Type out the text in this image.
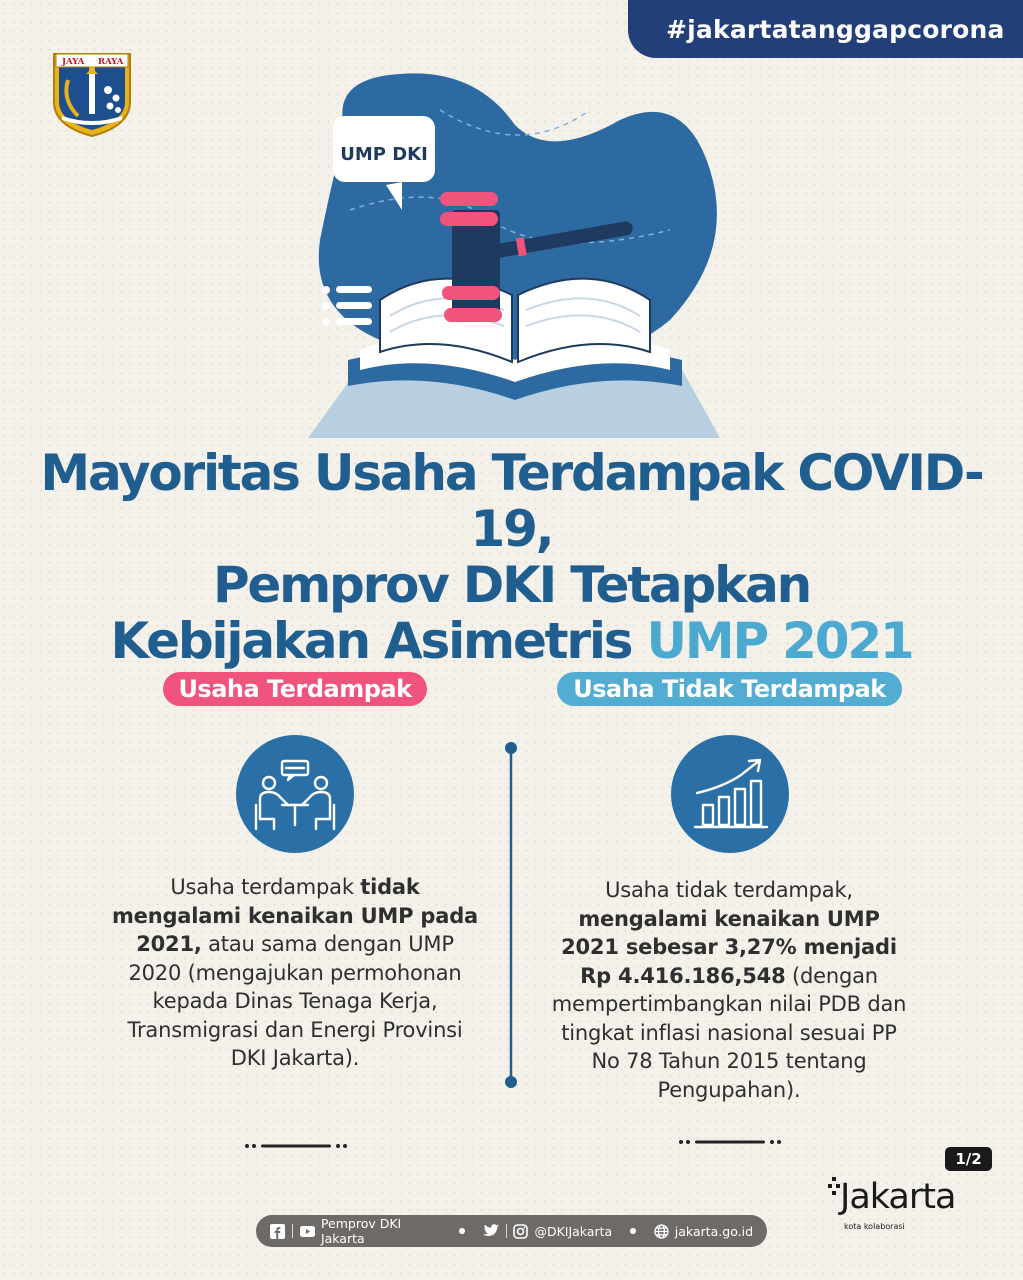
#jakartatanggapcorona
JAYA RAYA
UMP DKI
Mayoritas Usaha Terdampak COVID-19,
Pemprov DKI Tetapkan
Kebijakan Asimetris UMP 2021
Usaha Terdampak	Usaha Tidak Terdampak
Usaha terdampak tidak mengalami kenaikan UMP pada 2021, atau sama dengan UMP 2020 (mengajukan permohonan kepada Dinas Tenaga Kerja, Transmigrasi dan Energi Provinsi DKI Jakarta).
Usaha tidak terdampak, mengalami kenaikan UMP 2021 sebesar 3,27% menjadi Rp 4.416.186,548 (dengan mempertimbangkan nilai PDB dan tingkat inflasi nasional sesuai PP No 78 Tahun 2015 tentang Pengupahan).
1/2
Jakarta
kota kolaborasi
Pemprov DKI Jakarta	@DKIJakarta	jakarta.go.id
